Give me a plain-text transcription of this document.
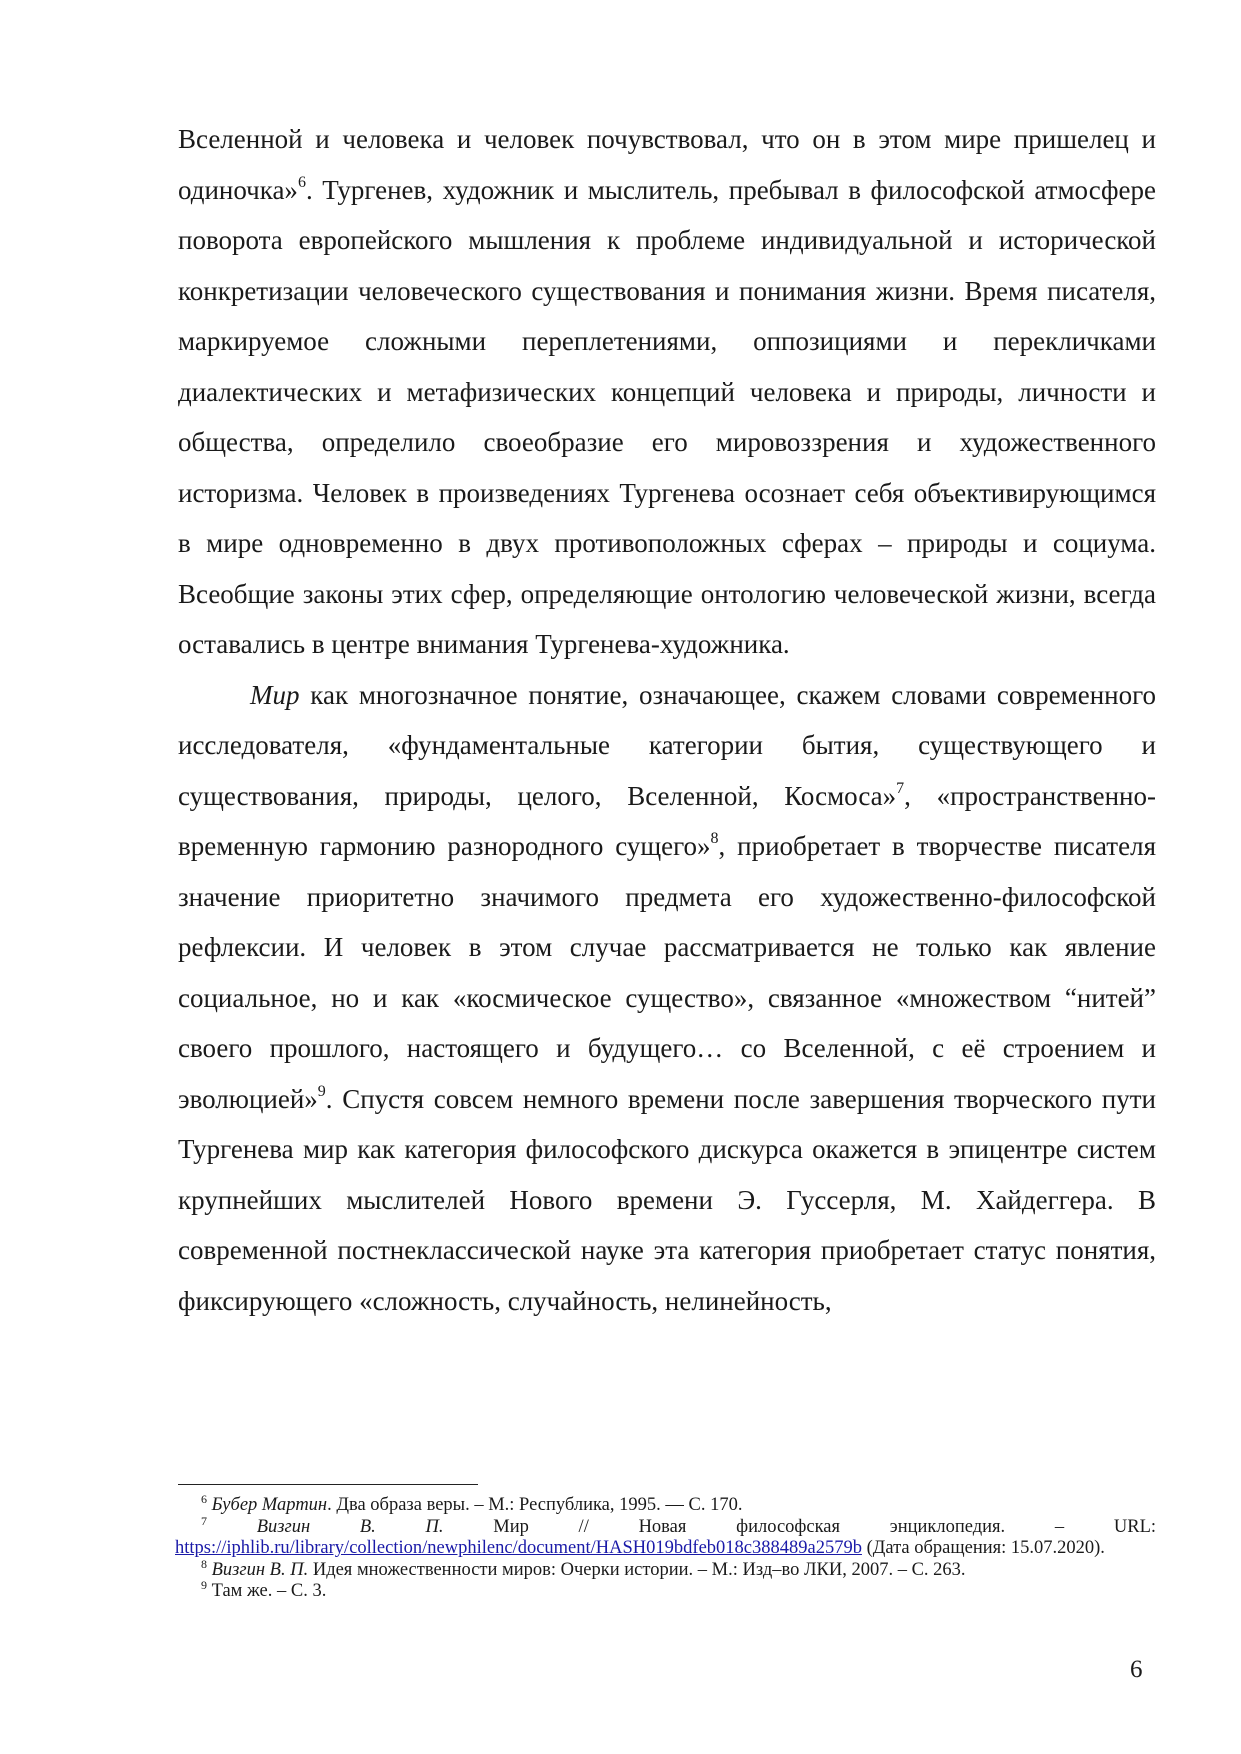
Вселенной и человека и человек почувствовал, что он в этом мире пришелец и одиночка»$^6$. Тургенев, художник и мыслитель, пребывал в философской атмосфере поворота европейского мышления к проблеме индивидуальной и исторической конкретизации человеческого существования и понимания жизни. Время писателя, маркируемое сложными переплетениями, оппозициями и перекличками диалектических и метафизических концепций человека и природы, личности и общества, определило своеобразие его мировоззрения и художественного историзма. Человек в произведениях Тургенева осознает себя объективирующимся в мире одновременно в двух противоположных сферах – природы и социума. Всеобщие законы этих сфер, определяющие онтологию человеческой жизни, всегда оставались в центре внимания Тургенева-художника.

Мир как многозначное понятие, означающее, скажем словами современного исследователя, «фундаментальные категории бытия, существующего и существования, природы, целого, Вселенной, Космоса»$^7$, «пространственно-временную гармонию разнородного сущего»$^8$, приобретает в творчестве писателя значение приоритетно значимого предмета его художественно-философской рефлексии. И человек в этом случае рассматривается не только как явление социальное, но и как «космическое существо», связанное «множеством “нитей” своего прошлого, настоящего и будущего… со Вселенной, с её строением и эволюцией»$^9$. Спустя совсем немного времени после завершения творческого пути Тургенева мир как категория философского дискурса окажется в эпицентре систем крупнейших мыслителей Нового времени Э. Гуссерля, М. Хайдеггера. В современной постнеклассической науке эта категория приобретает статус понятия, фиксирующего «сложность, случайность, нелинейность,

$^6$ Бубер Мартин. Два образа веры. – М.: Республика, 1995. — С. 170.

$^7$	Визгин В. П. Мир // Новая философская энциклопедия. – URL: https://iphlib.ru/library/collection/newphilenc/document/HASH019bdfeb018c388489a2579b (Дата обращения: 15.07.2020).

$^8$ Визгин В. П. Идея множественности миров: Очерки истории. – М.: Изд–во ЛКИ, 2007. – С. 263.

$^9$ Там же. – С. 3.

6
